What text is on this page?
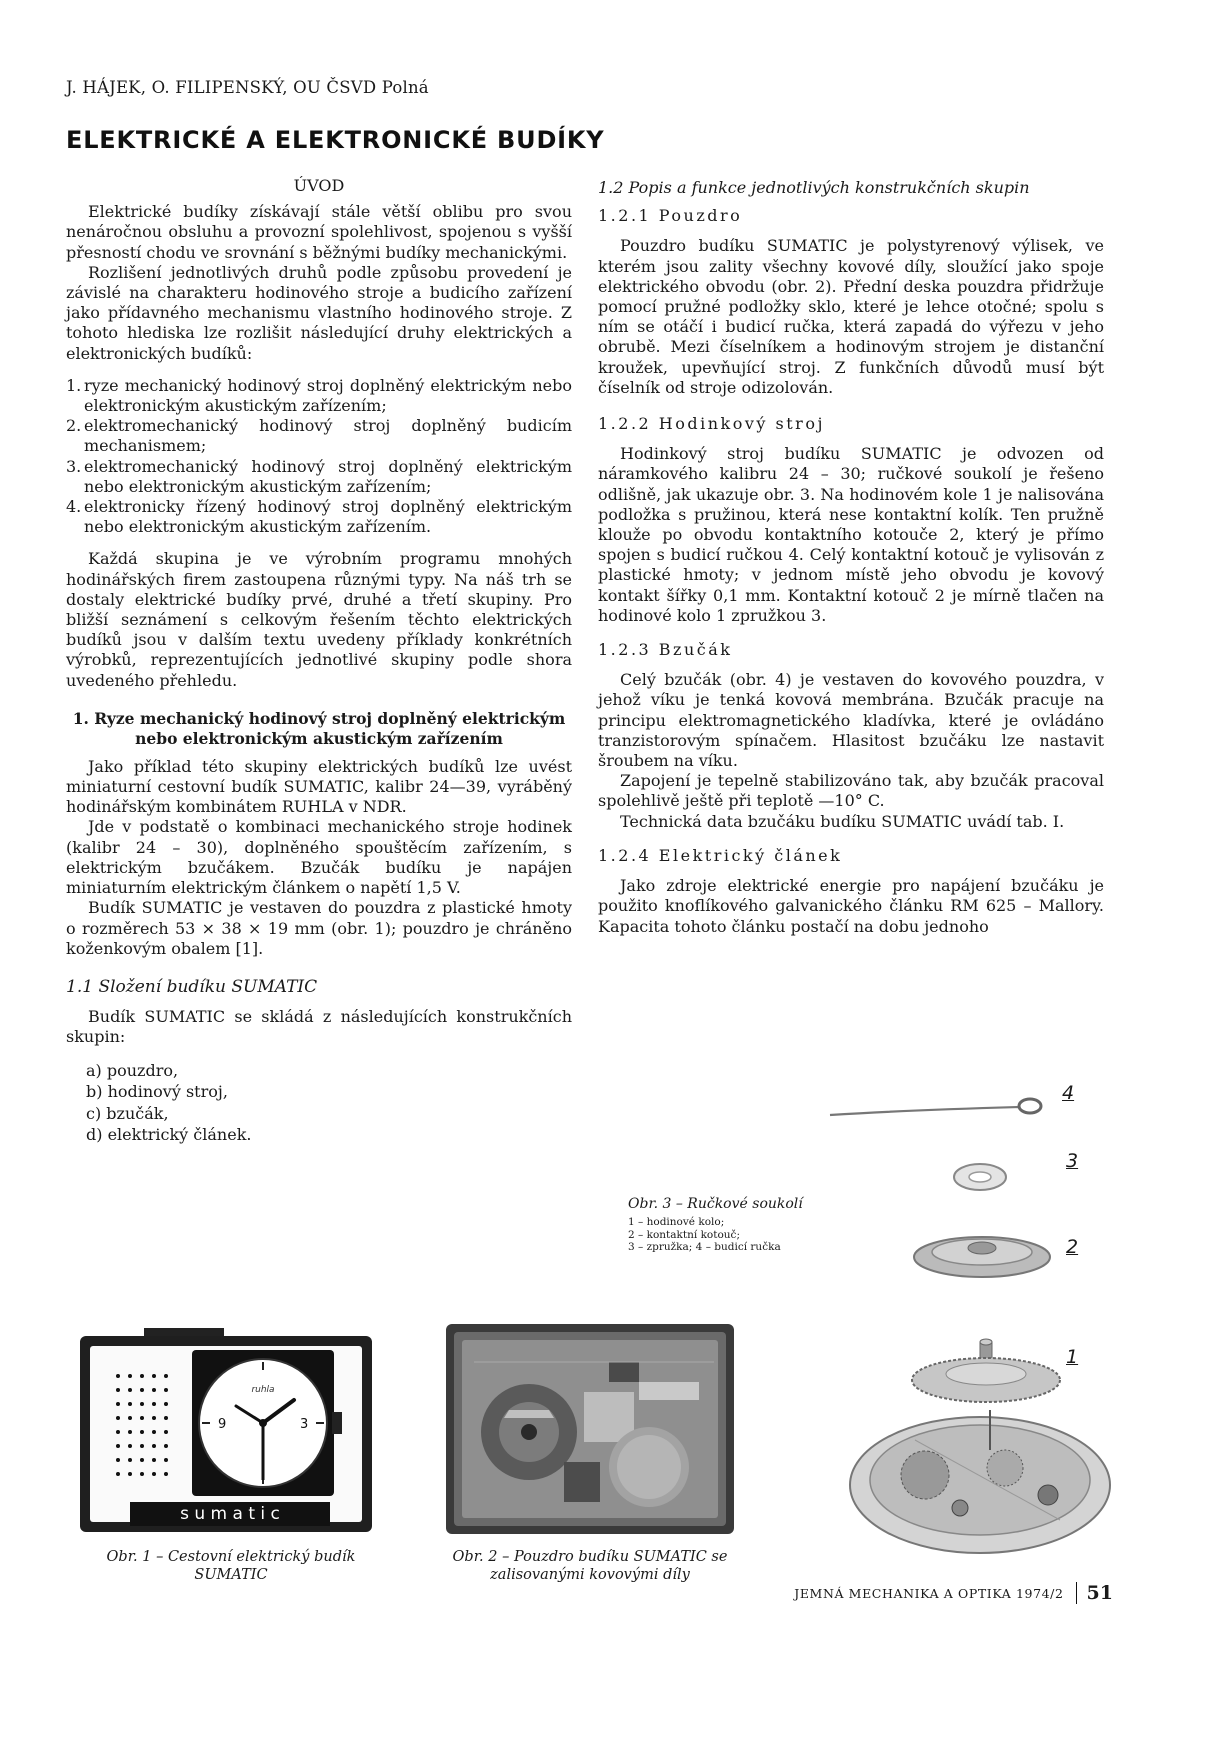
J. HÁJEK, O. FILIPENSKÝ, OU ČSVD Polná
ELEKTRICKÉ A ELEKTRONICKÉ BUDÍKY

ÚVOD

Elektrické budíky získávají stále větší oblibu pro svou nenáročnou obsluhu a provozní spolehlivost, spojenou s vyšší přesností chodu ve srovnání s běžnými budíky mechanickými.

Rozlišení jednotlivých druhů podle způsobu provedení je závislé na charakteru hodinového stroje a budicího zařízení jako přídavného mechanismu vlastního hodinového stroje. Z tohoto hlediska lze rozlišit následující druhy elektrických a elektronických budíků:

1. ryze mechanický hodinový stroj doplněný elektrickým nebo elektronickým akustickým zařízením;
2. elektromechanický hodinový stroj doplněný budicím mechanismem;
3. elektromechanický hodinový stroj doplněný elektrickým nebo elektronickým akustickým zařízením;
4. elektronicky řízený hodinový stroj doplněný elektrickým nebo elektronickým akustickým zařízením.

Každá skupina je ve výrobním programu mnohých hodinářských firem zastoupena různými typy. Na náš trh se dostaly elektrické budíky prvé, druhé a třetí skupiny. Pro bližší seznámení s celkovým řešením těchto elektrických budíků jsou v dalším textu uvedeny příklady konkrétních výrobků, reprezentujících jednotlivé skupiny podle shora uvedeného přehledu.

1. Ryze mechanický hodinový stroj doplněný elektrickým
nebo elektronickým akustickým zařízením

Jako příklad této skupiny elektrických budíků lze uvést miniaturní cestovní budík SUMATIC, kalibr 24—39, vyráběný hodinářským kombinátem RUHLA v NDR.

Jde v podstatě o kombinaci mechanického stroje hodinek (kalibr 24 – 30), doplněného spouštěcím zařízením, s elektrickým bzučákem. Bzučák budíku je napájen miniaturním elektrickým článkem o napětí 1,5 V.

Budík SUMATIC je vestaven do pouzdra z plastické hmoty o rozměrech 53 × 38 × 19 mm (obr. 1); pouzdro je chráněno koženkovým obalem [1].

1.1 Složení budíku SUMATIC

Budík SUMATIC se skládá z následujících konstrukčních skupin:

a) pouzdro,
b) hodinový stroj,
c) bzučák,
d) elektrický článek.

1.2 Popis a funkce jednotlivých konstrukčních skupin

1.2.1 Pouzdro

Pouzdro budíku SUMATIC je polystyrenový výlisek, ve kterém jsou zality všechny kovové díly, sloužící jako spoje elektrického obvodu (obr. 2). Přední deska pouzdra přidržuje pomocí pružné podložky sklo, které je lehce otočné; spolu s ním se otáčí i budicí ručka, která zapadá do výřezu v jeho obrubě. Mezi číselníkem a hodinovým strojem je distanční kroužek, upevňující stroj. Z funkčních důvodů musí být číselník od stroje odizolován.

1.2.2 Hodinkový stroj

Hodinkový stroj budíku SUMATIC je odvozen od náramkového kalibru 24 – 30; ručkové soukolí je řešeno odlišně, jak ukazuje obr. 3. Na hodinovém kole 1 je nalisována podložka s pružinou, která nese kontaktní kolík. Ten pružně klouže po obvodu kontaktního kotouče 2, který je přímo spojen s budicí ručkou 4. Celý kontaktní kotouč je vylisován z plastické hmoty; v jednom místě jeho obvodu je kovový kontakt šířky 0,1 mm. Kontaktní kotouč 2 je mírně tlačen na hodinové kolo 1 zpružkou 3.

1.2.3 Bzučák

Celý bzučák (obr. 4) je vestaven do kovového pouzdra, v jehož víku je tenká kovová membrána. Bzučák pracuje na principu elektromagnetického kladívka, které je ovládáno tranzistorovým spínačem. Hlasitost bzučáku lze nastavit šroubem na víku.

Zapojení je tepelně stabilizováno tak, aby bzučák pracoval spolehlivě ještě při teplotě —10° C.

Technická data bzučáku budíku SUMATIC uvádí tab. I.

1.2.4 Elektrický článek

Jako zdroje elektrické energie pro napájení bzučáku je použito knoflíkového galvanického článku RM 625 – Mallory. Kapacita tohoto článku postačí na dobu jednoho

Obr. 3 – Ručkové soukolí
1 – hodinové kolo;
2 – kontaktní kotouč;
3 – zpružka; 4 – budicí ručka
4
3
2
1
ruhla
9	3
s u m a t i c
Obr. 1 – Cestovní elektrický budík
SUMATIC
Obr. 2 – Pouzdro budíku SUMATIC se
zalisovanými kovovými díly
JEMNÁ MECHANIKA A OPTIKA 1974/2 51
